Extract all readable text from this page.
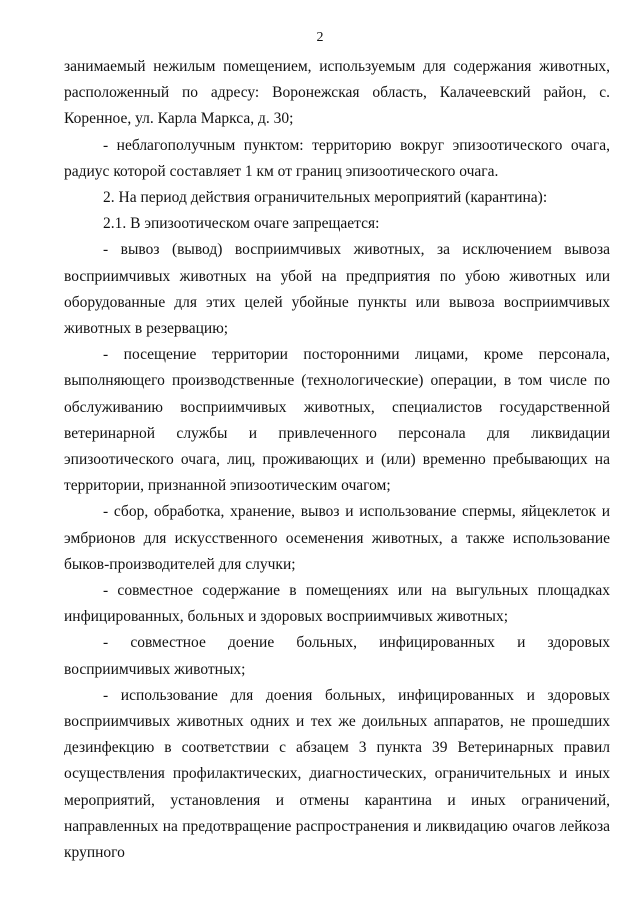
2

занимаемый нежилым помещением, используемым для содержания животных, расположенный по адресу: Воронежская область, Калачеевский район, с. Коренное, ул. Карла Маркса, д. 30;

- неблагополучным пунктом: территорию вокруг эпизоотического очага, радиус которой составляет 1 км от границ эпизоотического очага.

2. На период действия ограничительных мероприятий (карантина):

2.1. В эпизоотическом очаге запрещается:

- вывоз (вывод) восприимчивых животных, за исключением вывоза восприимчивых животных на убой на предприятия по убою животных или оборудованные для этих целей убойные пункты или вывоза восприимчивых животных в резервацию;

- посещение территории посторонними лицами, кроме персонала, выполняющего производственные (технологические) операции, в том числе по обслуживанию восприимчивых животных, специалистов государственной ветеринарной службы и привлеченного персонала для ликвидации эпизоотического очага, лиц, проживающих и (или) временно пребывающих на территории, признанной эпизоотическим очагом;

- сбор, обработка, хранение, вывоз и использование спермы, яйцеклеток и эмбрионов для искусственного осеменения животных, а также использование быков-производителей для случки;

- совместное содержание в помещениях или на выгульных площадках инфицированных, больных и здоровых восприимчивых животных;

- совместное доение больных, инфицированных и здоровых восприимчивых животных;

- использование для доения больных, инфицированных и здоровых восприимчивых животных одних и тех же доильных аппаратов, не прошедших дезинфекцию в соответствии с абзацем 3 пункта 39 Ветеринарных правил осуществления профилактических, диагностических, ограничительных и иных мероприятий, установления и отмены карантина и иных ограничений, направленных на предотвращение распространения и ликвидацию очагов лейкоза крупного
